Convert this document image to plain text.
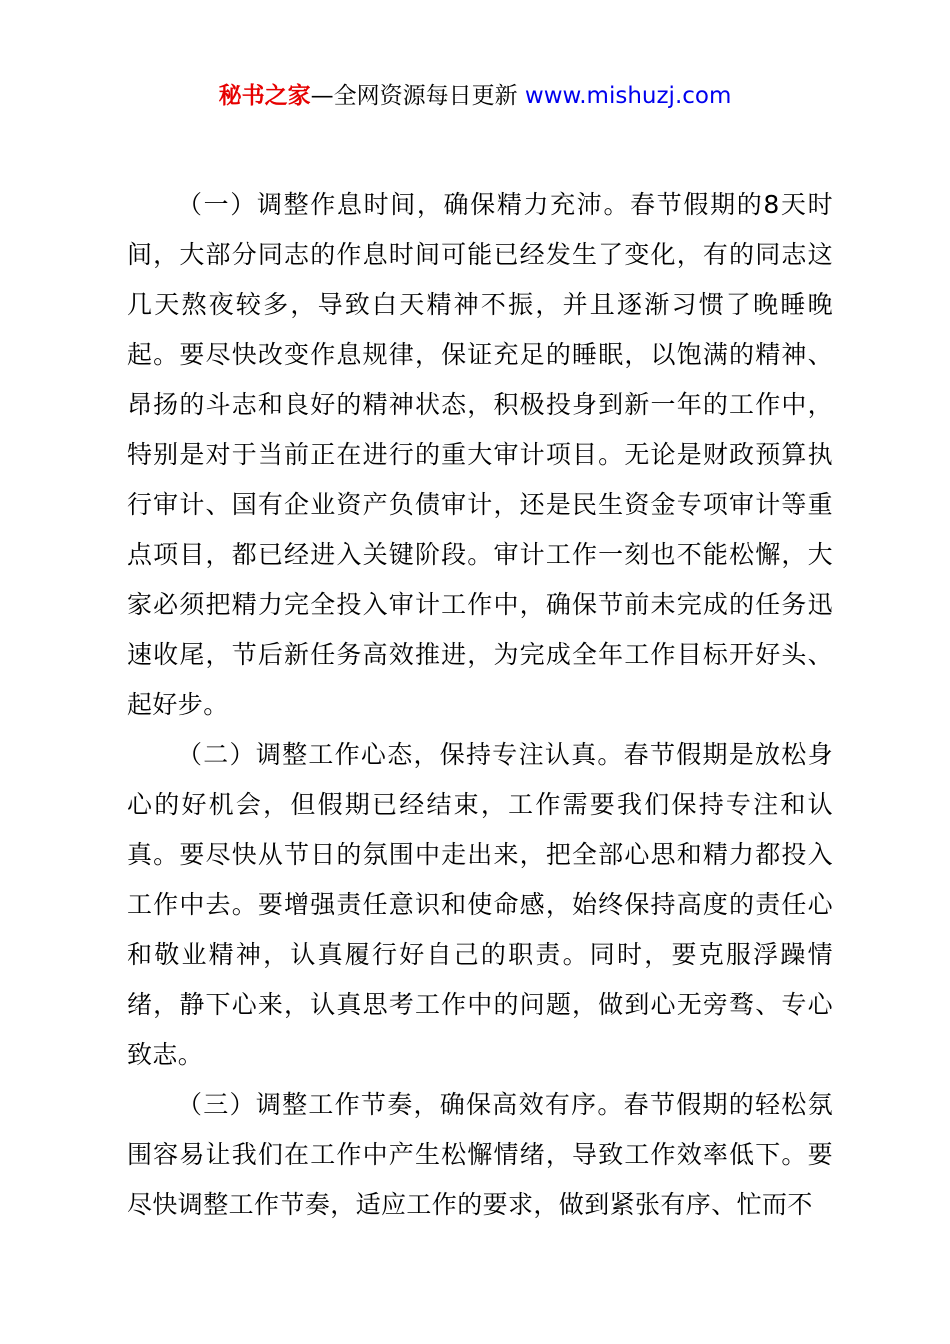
秘书之家—全网资源每日更新 www.mishuzj.com

（一）调整作息时间，确保精力充沛。春节假期的8天时间，大部分同志的作息时间可能已经发生了变化，有的同志这几天熬夜较多，导致白天精神不振，并且逐渐习惯了晚睡晚起。要尽快改变作息规律，保证充足的睡眠，以饱满的精神、昂扬的斗志和良好的精神状态，积极投身到新一年的工作中，特别是对于当前正在进行的重大审计项目。无论是财政预算执行审计、国有企业资产负债审计，还是民生资金专项审计等重点项目，都已经进入关键阶段。审计工作一刻也不能松懈，大家必须把精力完全投入审计工作中，确保节前未完成的任务迅速收尾，节后新任务高效推进，为完成全年工作目标开好头、起好步。

（二）调整工作心态，保持专注认真。春节假期是放松身心的好机会，但假期已经结束，工作需要我们保持专注和认真。要尽快从节日的氛围中走出来，把全部心思和精力都投入工作中去。要增强责任意识和使命感，始终保持高度的责任心和敬业精神，认真履行好自己的职责。同时，要克服浮躁情绪，静下心来，认真思考工作中的问题，做到心无旁骛、专心致志。

（三）调整工作节奏，确保高效有序。春节假期的轻松氛围容易让我们在工作中产生松懈情绪，导致工作效率低下。要尽快调整工作节奏，适应工作的要求，做到紧张有序、忙而不
